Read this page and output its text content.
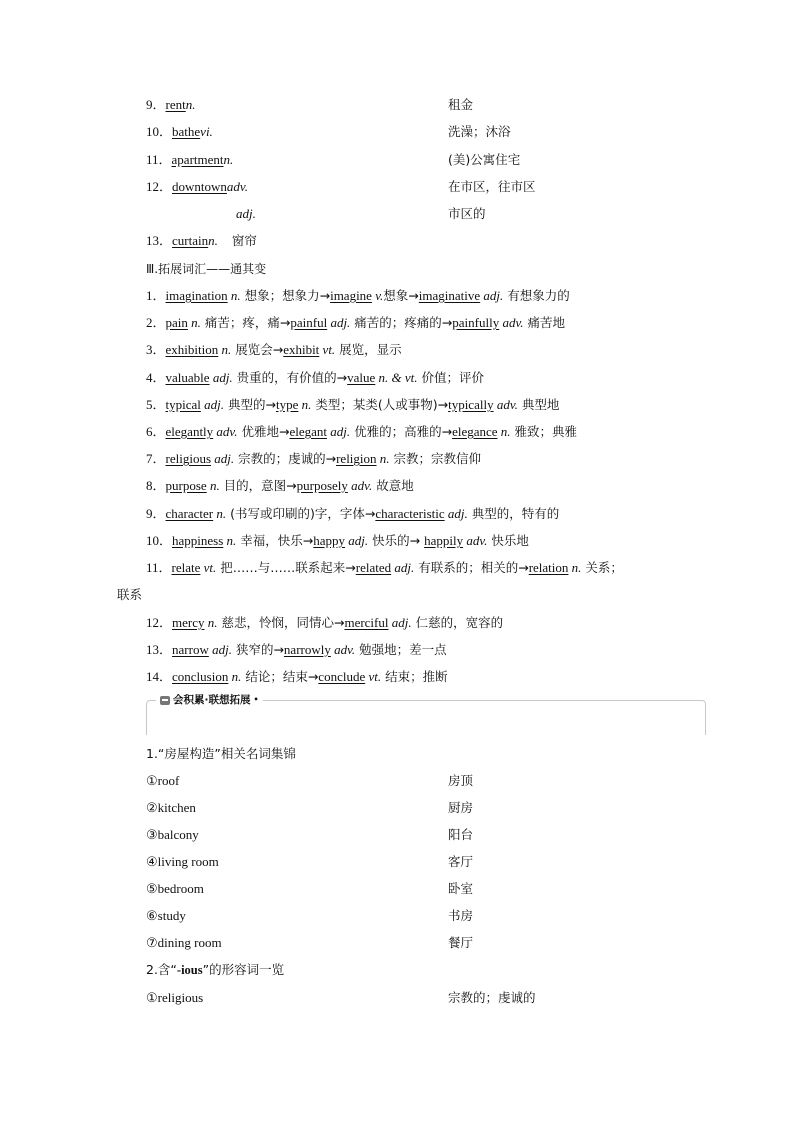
9．rentn.	租金
10．bathevi.	洗澡；沐浴
11．apartmentn.	(美)公寓住宅
12．downtownadv.	在市区，往市区
adj.	市区的
13．curtainn. 窗帘
Ⅲ.拓展词汇——通其变
1．imagination n. 想象；想象力→imagine v.想象→imaginative adj. 有想象力的
2．pain n. 痛苦；疼，痛→painful adj. 痛苦的；疼痛的→painfully adv. 痛苦地
3．exhibition n. 展览会→exhibit vt. 展览，显示
4．valuable adj. 贵重的，有价值的→value n. & vt. 价值；评价
5．typical adj. 典型的→type n. 类型；某类(人或事物)→typically adv. 典型地
6．elegantly adv. 优雅地→elegant adj. 优雅的；高雅的→elegance n. 雅致；典雅
7．religious adj. 宗教的；虔诚的→religion n. 宗教；宗教信仰
8．purpose n. 目的，意图→purposely adv. 故意地
9．character n. (书写或印刷的)字，字体→characteristic adj. 典型的，特有的
10．happiness n. 幸福，快乐→happy adj. 快乐的→ happily adv. 快乐地
11．relate vt. 把……与……联系起来→related adj. 有联系的；相关的→relation n. 关系；
联系
12．mercy n. 慈悲，怜悯，同情心→merciful adj. 仁慈的，宽容的
13．narrow adj. 狭窄的→narrowly adv. 勉强地；差一点
14．conclusion n. 结论；结束→conclude vt. 结束；推断
会积累·联想拓展 •
1.“房屋构造”相关名词集锦
①roof	房顶
②kitchen	厨房
③balcony	阳台
④living room	客厅
⑤bedroom	卧室
⑥study	书房
⑦dining room	餐厅
2.含“-ious”的形容词一览
①religious	宗教的；虔诚的
